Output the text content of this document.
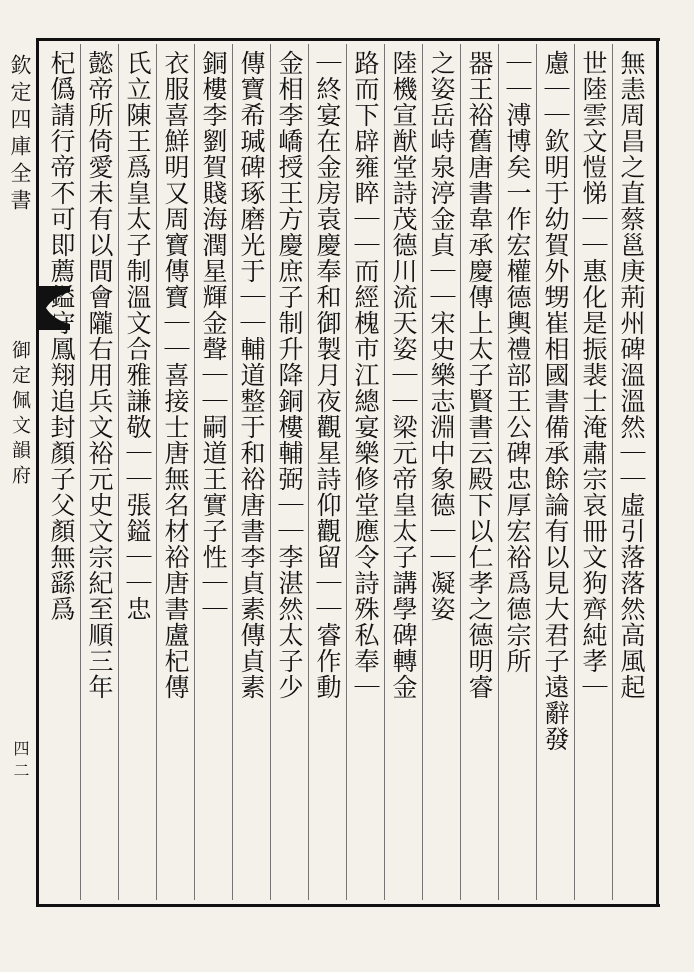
欽定四庫全書
御定佩文韻府
四二
無恚周昌之直蔡邕庚荊州碑溫溫然｜｜虛引落落然高風起
世陸雲文愷悌｜｜惠化是振裴士淹肅宗哀冊文狗齊純孝｜
慮｜｜欽明于幼賀外甥崔相國書備承餘論有以見大君子遠辭發
｜｜溥博矣一作宏權德輿禮部王公碑忠厚宏裕爲德宗所
器王裕舊唐書韋承慶傳上太子賢書云殿下以仁孝之德明睿
之姿岳峙泉渟金貞｜｜宋史樂志淵中象德｜｜凝姿
陸機宣猷堂詩茂德川流天姿｜｜梁元帝皇太子講學碑轉金
路而下辟雍睟｜｜而經槐市江總宴樂修堂應令詩殊私奉｜
｜終宴在金房袁慶奉和御製月夜觀星詩仰觀留｜｜睿作動
金相李嶠授王方慶庶子制升降銅樓輔弼｜｜李湛然太子少
傳寶希瑊碑琢磨光于｜｜輔道整于和裕唐書李貞素傳貞素
銅樓李劉賀賤海潤星輝金聲｜｜嗣道王實子性｜｜
衣服喜鮮明又周寶傳寶｜｜喜接士唐無名材裕唐書盧杞傳
氏立陳王爲皇太子制溫文合雅謙敬｜｜張鎰｜｜忠
懿帝所倚愛未有以間會隴右用兵文裕元史文宗紀至順三年
杞僞請行帝不可即薦鎰守鳳翔追封顏子父顏無繇爲
